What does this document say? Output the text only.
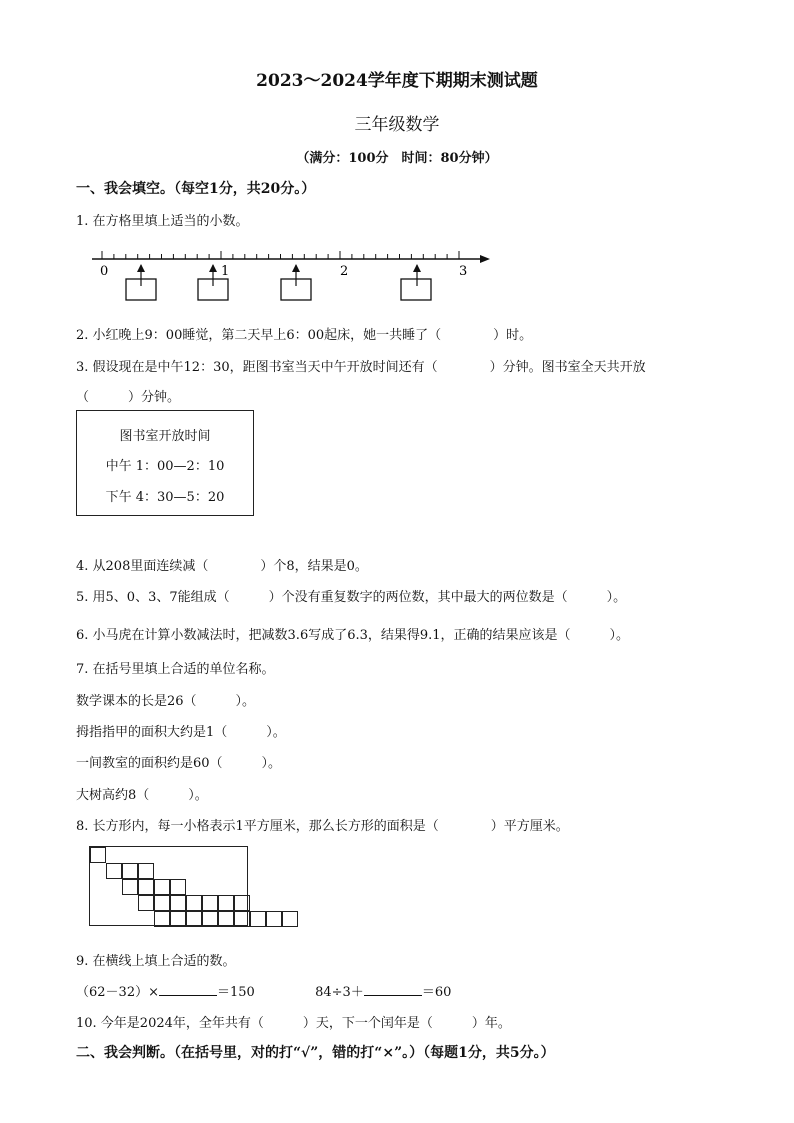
2023～2024学年度下期期末测试题
三年级数学
（满分：100分　时间：80分钟）
一、我会填空。（每空1分，共20分。）
1. 在方格里填上适当的小数。
0	1	2	3
2. 小红晚上9：00睡觉，第二天早上6：00起床，她一共睡了（　　　　）时。
3. 假设现在是中午12：30，距图书室当天中午开放时间还有（　　　　）分钟。图书室全天共开放
（　　　）分钟。
图书室开放时间
中午 1：00—2：10
下午 4：30—5：20
4. 从208里面连续减（　　　　）个8，结果是0。
5. 用5、0、3、7能组成（　　　）个没有重复数字的两位数，其中最大的两位数是（　　　）。
6. 小马虎在计算小数减法时，把减数3.6写成了6.3，结果得9.1，正确的结果应该是（　　　）。
7. 在括号里填上合适的单位名称。
数学课本的长是26（　　　）。
拇指指甲的面积大约是1（　　　）。
一间教室的面积约是60（　　　）。
大树高约8（　　　）。
8. 长方形内，每一小格表示1平方厘米，那么长方形的面积是（　　　　）平方厘米。
9. 在横线上填上合适的数。
（62－32）×	＝150	84÷3＋	＝60
10. 今年是2024年，全年共有（　　　）天，下一个闰年是（　　　）年。
二、我会判断。（在括号里，对的打“√”，错的打“×”。）（每题1分，共5分。）
